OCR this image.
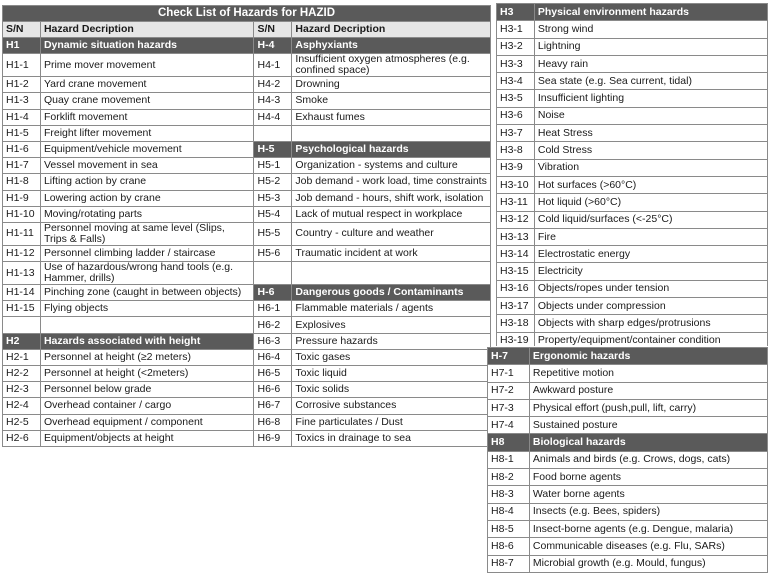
Check List of Hazards for HAZID			
S/N	Hazard Decription	S/N	Hazard Decription
H1	Dynamic situation hazards	H-4	Asphyxiants
H1-1	Prime mover movement	H4-1	Insufficient oxygen atmospheres (e.g. confined space)
H1-2	Yard crane movement	H4-2	Drowning
H1-3	Quay crane movement	H4-3	Smoke
H1-4	Forklift movement	H4-4	Exhaust fumes
H1-5	Freight lifter movement		
H1-6	Equipment/vehicle movement	H-5	Psychological hazards
H1-7	Vessel movement in sea	H5-1	Organization - systems and culture
H1-8	Lifting action by crane	H5-2	Job demand - work load, time constraints
H1-9	Lowering action by crane	H5-3	Job demand - hours, shift work, isolation
H1-10	Moving/rotating parts	H5-4	Lack of mutual respect in workplace
H1-11	Personnel moving at same level (Slips, Trips & Falls)	H5-5	Country - culture and weather
H1-12	Personnel climbing ladder / staircase	H5-6	Traumatic incident at work
H1-13	Use of hazardous/wrong hand tools (e.g. Hammer, drills)		
H1-14	Pinching zone (caught in between objects)	H-6	Dangerous goods / Contaminants
H1-15	Flying objects	H6-1	Flammable materials / agents
		H6-2	Explosives
H2	Hazards associated with height	H6-3	Pressure hazards
H2-1	Personnel at height (≥2 meters)	H6-4	Toxic gases
H2-2	Personnel at height (<2meters)	H6-5	Toxic liquid
H2-3	Personnel below grade	H6-6	Toxic solids
H2-4	Overhead container / cargo	H6-7	Corrosive substances
H2-5	Overhead equipment / component	H6-8	Fine particulates / Dust
H2-6	Equipment/objects at height	H6-9	Toxics in drainage to sea
H3	Physical environment hazards
H3-1	Strong wind
H3-2	Lightning
H3-3	Heavy rain
H3-4	Sea state (e.g. Sea current, tidal)
H3-5	Insufficient lighting
H3-6	Noise
H3-7	Heat Stress
H3-8	Cold Stress
H3-9	Vibration
H3-10	Hot surfaces (>60°C)
H3-11	Hot liquid (>60°C)
H3-12	Cold liquid/surfaces (<-25°C)
H3-13	Fire
H3-14	Electrostatic energy
H3-15	Electricity
H3-16	Objects/ropes under tension
H3-17	Objects under compression
H3-18	Objects with sharp edges/protrusions
H3-19	Property/equipment/container condition
H-7	Ergonomic hazards
H7-1	Repetitive motion
H7-2	Awkward posture
H7-3	Physical effort (push,pull, lift, carry)
H7-4	Sustained posture
H8	Biological hazards
H8-1	Animals and birds (e.g. Crows, dogs, cats)
H8-2	Food borne agents
H8-3	Water borne agents
H8-4	Insects (e.g. Bees, spiders)
H8-5	Insect-borne agents (e.g. Dengue, malaria)
H8-6	Communicable diseases (e.g. Flu, SARs)
H8-7	Microbial growth (e.g. Mould, fungus)
